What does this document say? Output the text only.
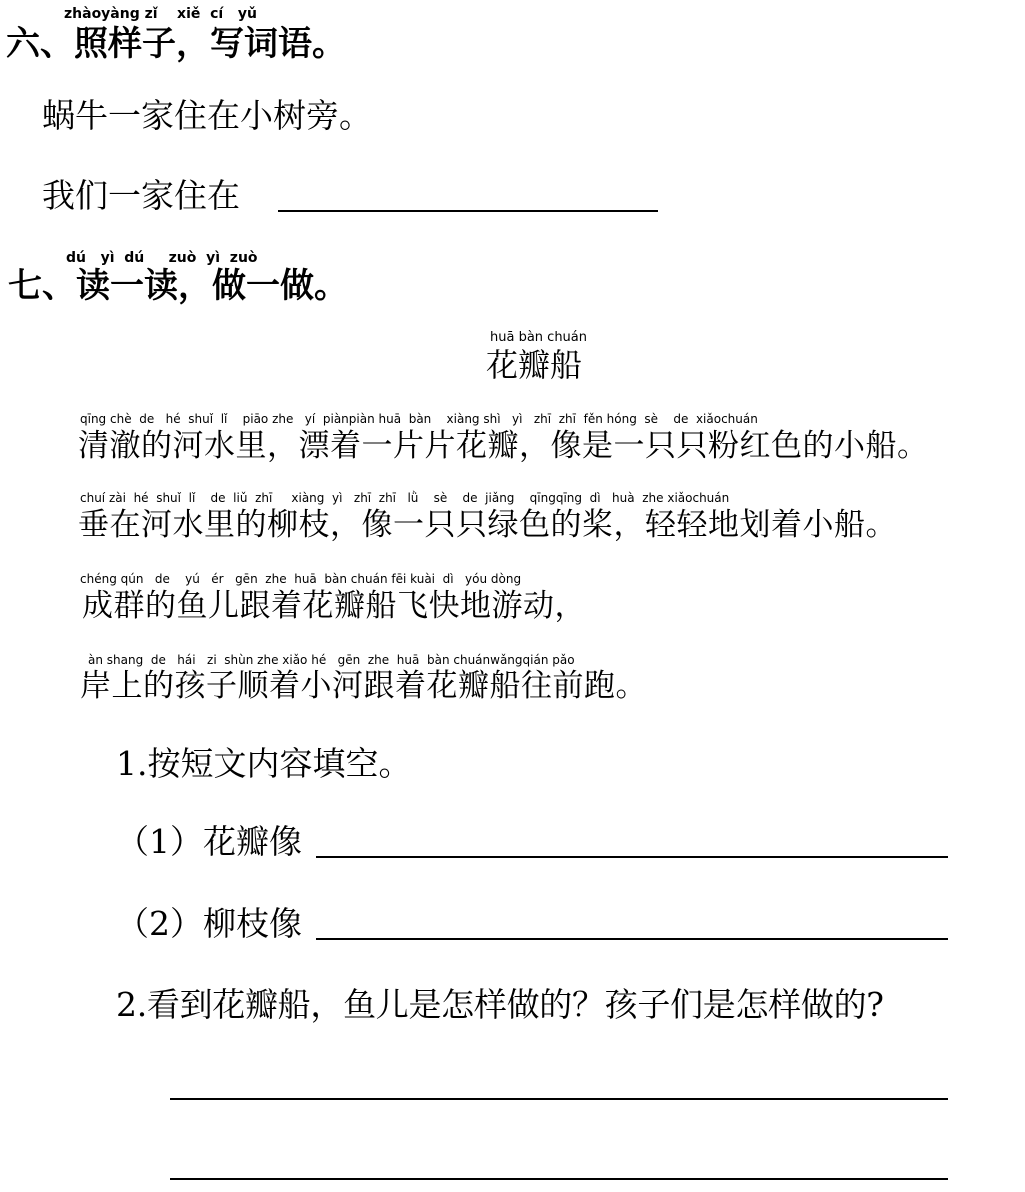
zhàoyàng zǐ    xiě  cí   yǔ
六、照样子，写词语。
蜗牛一家住在小树旁。
我们一家住在
dú   yì  dú     zuò  yì  zuò
七、读一读，做一做。
huā bàn chuán
花瓣船
qīng chè  de   hé  shuǐ  lǐ    piāo zhe   yí  piànpiàn huā  bàn    xiàng shì   yì   zhī  zhī  fěn hóng  sè    de  xiǎochuán
清澈的河水里，漂着一片片花瓣，像是一只只粉红色的小船。
chuí zài  hé  shuǐ  lǐ    de  liǔ  zhī     xiàng  yì   zhī  zhī   lǜ    sè    de  jiǎng    qīngqīng  dì   huà  zhe xiǎochuán
垂在河水里的柳枝，像一只只绿色的桨，轻轻地划着小船。
chéng qún   de    yú   ér   gēn  zhe  huā  bàn chuán fēi kuài  dì   yóu dòng
成群的鱼儿跟着花瓣船飞快地游动，
àn shang  de   hái   zi  shùn zhe xiǎo hé   gēn  zhe  huā  bàn chuánwǎngqián pǎo
岸上的孩子顺着小河跟着花瓣船往前跑。
1.按短文内容填空。
（1）花瓣像
（2）柳枝像
2.看到花瓣船，鱼儿是怎样做的？孩子们是怎样做的?
